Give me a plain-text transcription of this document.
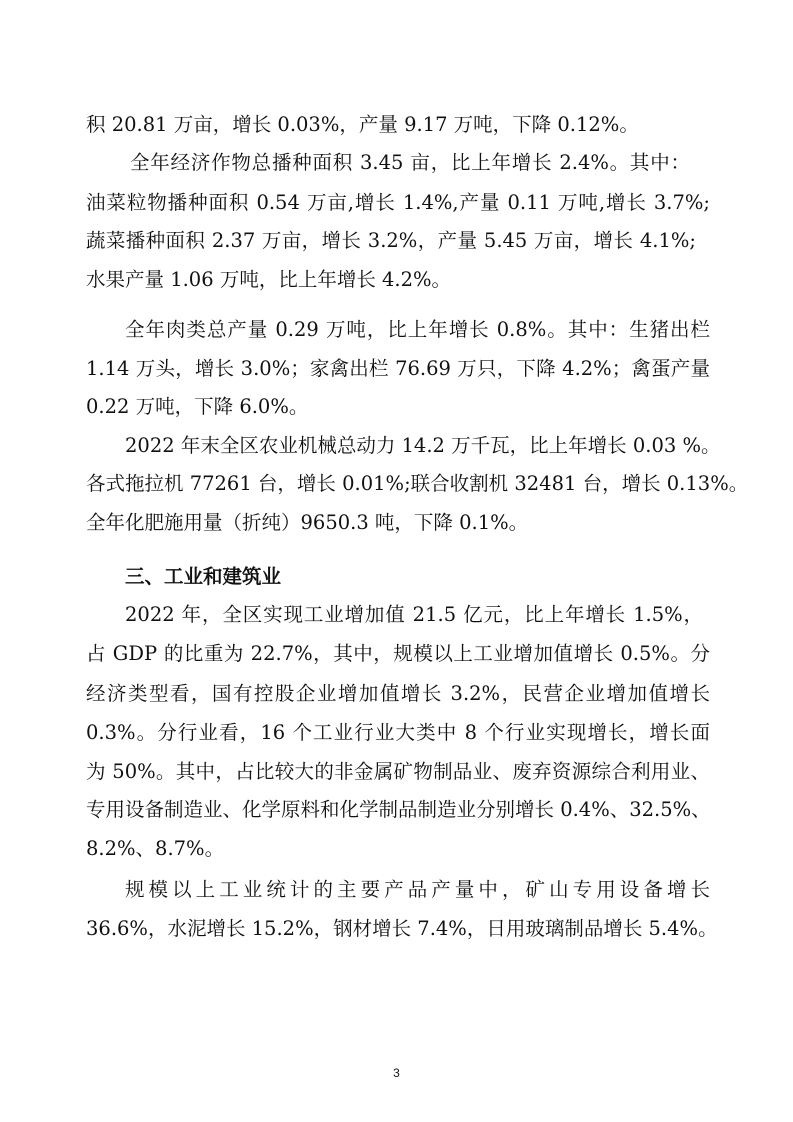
积 20.81 万亩，增长 0.03%，产量 9.17 万吨，下降 0.12%。
全年经济作物总播种面积 3.45 亩，比上年增长 2.4%。其中：
油菜粒物播种面积 0.54 万亩,增长 1.4%,产量 0.11 万吨,增长 3.7%;
蔬菜播种面积 2.37 万亩，增长 3.2%，产量 5.45 万亩，增长 4.1%;
水果产量 1.06 万吨，比上年增长 4.2%。
全年肉类总产量 0.29 万吨，比上年增长 0.8%。其中：生猪出栏
1.14 万头，增长 3.0%；家禽出栏 76.69 万只，下降 4.2%；禽蛋产量
0.22 万吨，下降 6.0%。
2022 年末全区农业机械总动力 14.2 万千瓦，比上年增长 0.03 %。
各式拖拉机 77261 台，增长 0.01%;联合收割机 32481 台，增长 0.13%。
全年化肥施用量（折纯）9650.3 吨，下降 0.1%。
三、工业和建筑业
2022 年，全区实现工业增加值 21.5 亿元，比上年增长 1.5%，
占 GDP 的比重为 22.7%，其中，规模以上工业增加值增长 0.5%。分
经济类型看，国有控股企业增加值增长 3.2%，民营企业增加值增长
0.3%。分行业看，16 个工业行业大类中 8 个行业实现增长，增长面
为 50%。其中，占比较大的非金属矿物制品业、废弃资源综合利用业、
专用设备制造业、化学原料和化学制品制造业分别增长 0.4%、32.5%、
8.2%、8.7%。
规模以上工业统计的主要产品产量中，矿山专用设备增长
36.6%，水泥增长 15.2%，钢材增长 7.4%，日用玻璃制品增长 5.4%。
3
